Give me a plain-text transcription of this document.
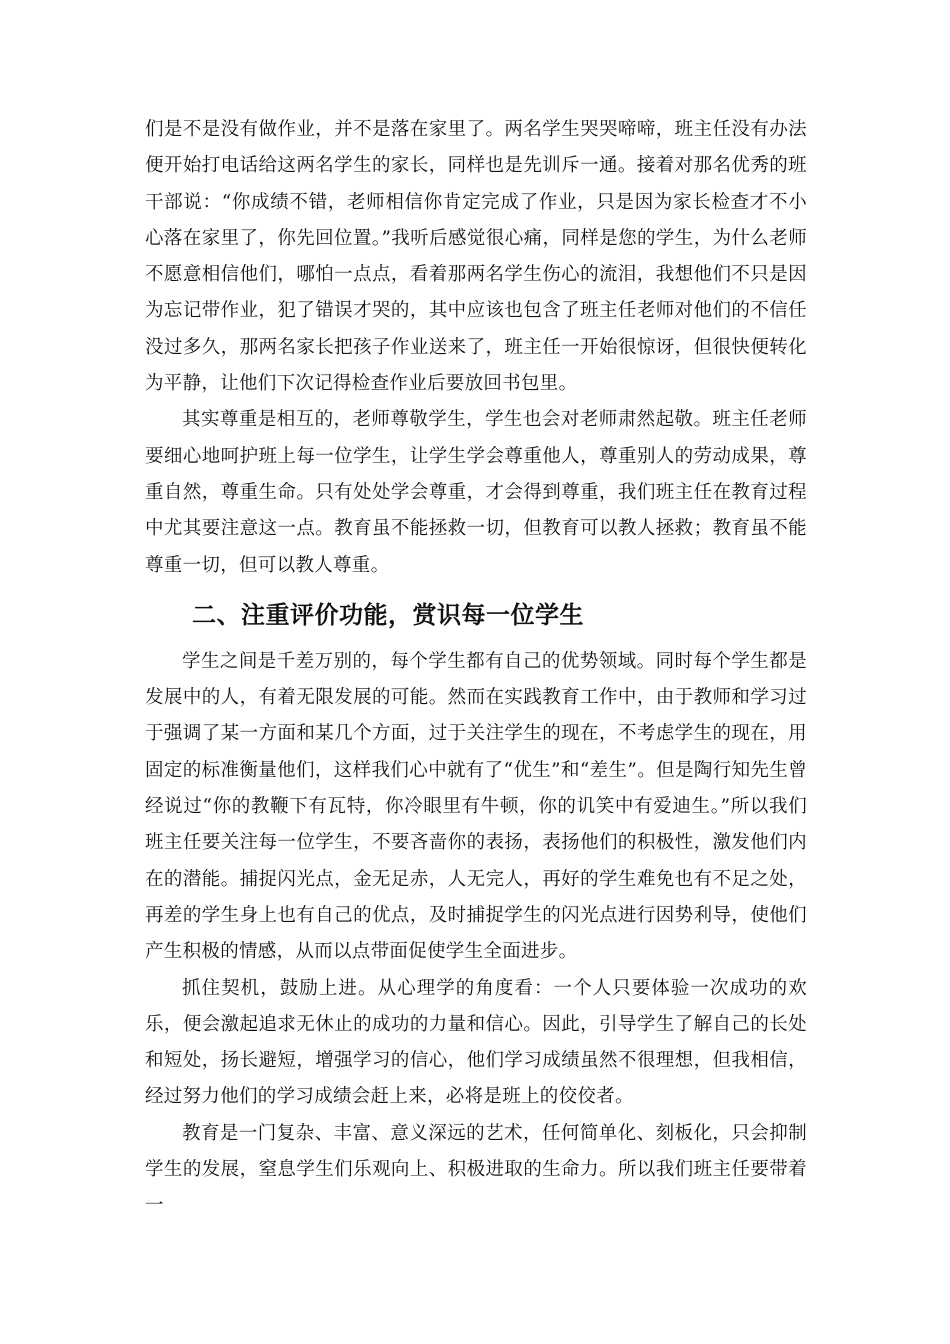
们是不是没有做作业，并不是落在家里了。两名学生哭哭啼啼，班主任没有办法便开始打电话给这两名学生的家长，同样也是先训斥一通。接着对那名优秀的班干部说：“你成绩不错，老师相信你肯定完成了作业，只是因为家长检查才不小心落在家里了，你先回位置。”我听后感觉很心痛，同样是您的学生，为什么老师不愿意相信他们，哪怕一点点，看着那两名学生伤心的流泪，我想他们不只是因为忘记带作业，犯了错误才哭的，其中应该也包含了班主任老师对他们的不信任没过多久，那两名家长把孩子作业送来了，班主任一开始很惊讶，但很快便转化为平静，让他们下次记得检查作业后要放回书包里。

其实尊重是相互的，老师尊敬学生，学生也会对老师肃然起敬。班主任老师要细心地呵护班上每一位学生，让学生学会尊重他人，尊重别人的劳动成果，尊重自然，尊重生命。只有处处学会尊重，才会得到尊重，我们班主任在教育过程中尤其要注意这一点。教育虽不能拯救一切，但教育可以教人拯救；教育虽不能尊重一切，但可以教人尊重。

二、注重评价功能，赏识每一位学生

学生之间是千差万别的，每个学生都有自己的优势领域。同时每个学生都是发展中的人，有着无限发展的可能。然而在实践教育工作中，由于教师和学习过于强调了某一方面和某几个方面，过于关注学生的现在，不考虑学生的现在，用固定的标准衡量他们，这样我们心中就有了“优生”和“差生”。但是陶行知先生曾经说过“你的教鞭下有瓦特，你冷眼里有牛顿，你的讥笑中有爱迪生。”所以我们班主任要关注每一位学生，不要吝啬你的表扬，表扬他们的积极性，激发他们内在的潜能。捕捉闪光点，金无足赤，人无完人，再好的学生难免也有不足之处，再差的学生身上也有自己的优点，及时捕捉学生的闪光点进行因势利导，使他们产生积极的情感，从而以点带面促使学生全面进步。

抓住契机，鼓励上进。从心理学的角度看：一个人只要体验一次成功的欢乐，便会激起追求无休止的成功的力量和信心。因此，引导学生了解自己的长处和短处，扬长避短，增强学习的信心，他们学习成绩虽然不很理想，但我相信，经过努力他们的学习成绩会赶上来，必将是班上的佼佼者。

教育是一门复杂、丰富、意义深远的艺术，任何简单化、刻板化，只会抑制学生的发展，窒息学生们乐观向上、积极进取的生命力。所以我们班主任要带着一
